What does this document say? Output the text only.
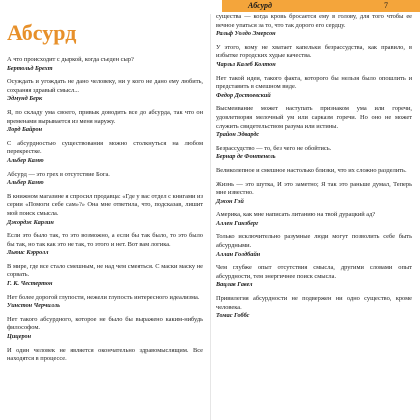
Абсурд	7
Абсурд
А что происходит с дыркой, когда съеден сыр?
Бертольд Брехт
Осуждать и угождать не дано человеку, ни у кого не дано ему любить, сохраняя здравый смысл...
Эдмунд Берк
Я, по складу ума своего, привык доводить все до абсурда, так что он временами вырывается из меня наружу.
Лорд Байрон
С абсурдностью существования можно столкнуться на любом перекрестке.
Альбер Камю
Абсурд — это грех в отсутствие Бога.
Альбер Камю
В книжном магазине я спросил продавца: «Где у вас отдел с книгами из серии «Помоги себе сам»?» Она мне ответила, что, подсказав, лишит мой поиск смысла.
Джордж Карлин
Если это было так, то это возможно, а если бы так было, то это было бы так, но так как это не так, то этого и нет. Вот вам логика.
Льюис Кэрролл
В мире, где все стало смешным, не над чем смеяться. С маски маску не сорвать.
Г. К. Честертон
Нет более дорогой глупости, нежели глупость интересного идеализма.
Уинстон Черчилль
Нет такого абсурдного, которое не было бы выражено каким-нибудь философом.
Цицерон
И один человек не является окончательно здравомыслящим. Все находятся в процессе.
существа — когда кровь бросается ему в голову, для того чтобы ее вечное упаться за то, что так дорого его сердцу.
Ральф Уолдо Эмерсон
У этого, кому не хватает капельки безрассудства, как правило, в избытке городских худые качества.
Чарльз Калеб Колтон
Нет такой идеи, такого факта, которого бы нельзя было опошлить и представить в смешном виде.
Федор Достоевский
Высмеивание может наступать признаком ума или горечи, удовлетворяя мелочный ум или сарказм горечи. Но оно не может служить свидетельством разума или истины.
Трайон Эдвардс
Безрассудство — то, без чего не обойтись.
Бернар де Фонтенель
Великолепное и смешное настолько близки, что их сложно разделить.
Жизнь — это шутка, И это заметно; Я так это раньше думал, Теперь мне известно.
Джон Гэй
Америка, как мне написать литанию на твой дурацкий ад?
Аллен Гинзберг
Только исключительно разумные люди могут позволить себе быть абсурдными.
Аллан Голдбайн
Чем глубже опыт отсутствия смысла, другими словами опыт абсурдности, тем энергичнее поиск смысла.
Вацлав Гавел
Привилегия абсурдности не подвержен ни одно существо, кроме человека.
Томас Гоббс
